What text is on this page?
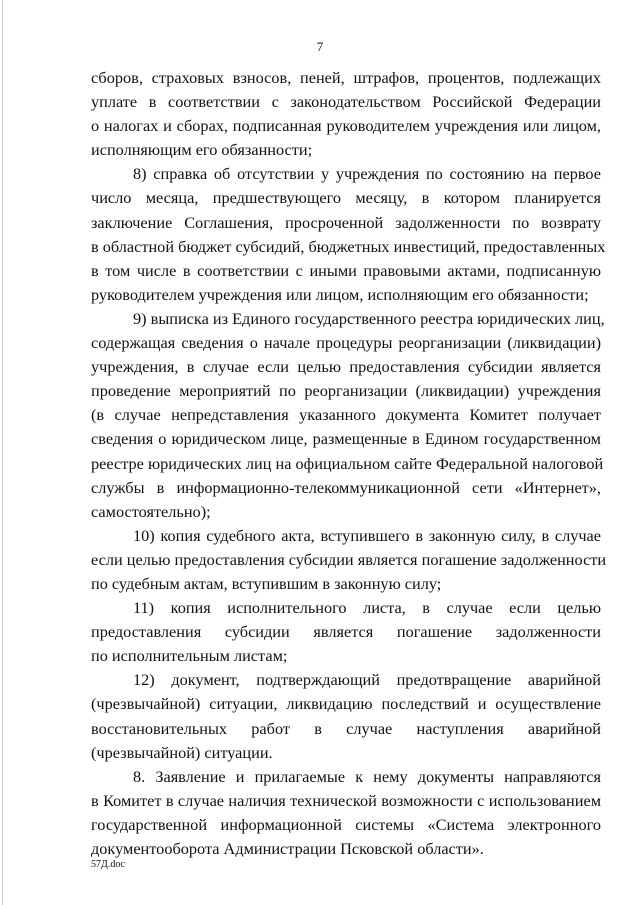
7
сборов, страховых взносов, пеней, штрафов, процентов, подлежащих
уплате в соответствии с законодательством Российской Федерации
о налогах и сборах, подписанная руководителем учреждения или лицом,
исполняющим его обязанности;
8) справка об отсутствии у учреждения по состоянию на первое
число месяца, предшествующего месяцу, в котором планируется
заключение Соглашения, просроченной задолженности по возврату
в областной бюджет субсидий, бюджетных инвестиций, предоставленных
в том числе в соответствии с иными правовыми актами, подписанную
руководителем учреждения или лицом, исполняющим его обязанности;
9) выписка из Единого государственного реестра юридических лиц,
содержащая сведения о начале процедуры реорганизации (ликвидации)
учреждения, в случае если целью предоставления субсидии является
проведение мероприятий по реорганизации (ликвидации) учреждения
(в случае непредставления указанного документа Комитет получает
сведения о юридическом лице, размещенные в Едином государственном
реестре юридических лиц на официальном сайте Федеральной налоговой
службы в информационно-телекоммуникационной сети «Интернет»,
самостоятельно);
10) копия судебного акта, вступившего в законную силу, в случае
если целью предоставления субсидии является погашение задолженности
по судебным актам, вступившим в законную силу;
11) копия исполнительного листа, в случае если целью
предоставления субсидии является погашение задолженности
по исполнительным листам;
12) документ, подтверждающий предотвращение аварийной
(чрезвычайной) ситуации, ликвидацию последствий и осуществление
восстановительных работ в случае наступления аварийной
(чрезвычайной) ситуации.
8. Заявление и прилагаемые к нему документы направляются
в Комитет в случае наличия технической возможности с использованием
государственной информационной системы «Система электронного
документооборота Администрации Псковской области».
57Д.doc
